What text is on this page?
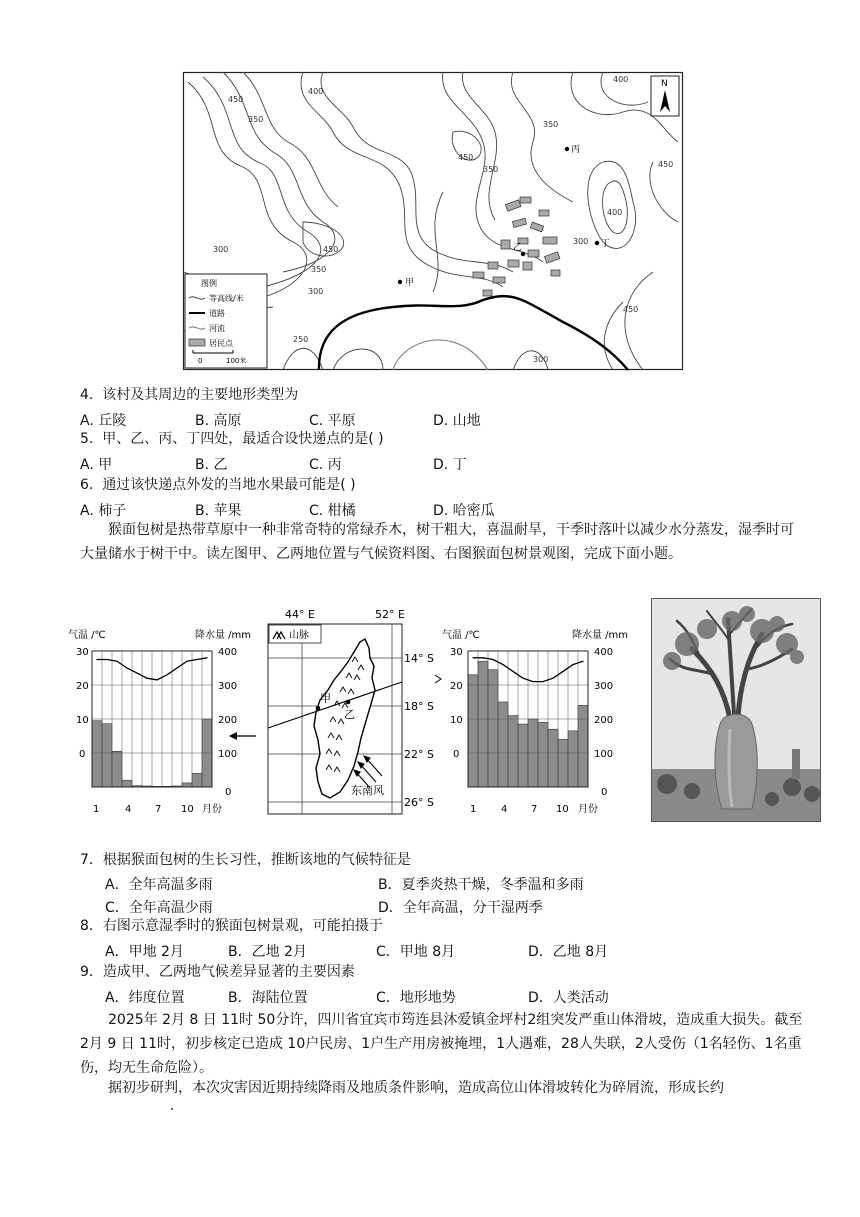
450
400
350
450
350
450
350
300
300
400
450
300
400
350
450
250
300
丙
丁
甲
乙
N
图例
等高线/米
道路
河流
居民点
0	100米
4. 该村及其周边的主要地形类型为
A. 丘陵	B. 高原	C. 平原	D. 山地
5. 甲、乙、丙、丁四处，最适合设快递点的是( )
A. 甲	B. 乙	C. 丙	D. 丁
6. 通过该快递点外发的当地水果最可能是( )
A. 柿子	B. 苹果	C. 柑橘	D. 哈密瓜
猴面包树是热带草原中一种非常奇特的常绿乔木，树干粗大，喜温耐旱，干季时落叶以减少水分蒸发，湿季时可大量储水于树干中。读左图甲、乙两地位置与气候资料图、右图猴面包树景观图，完成下面小题。
气温 /℃	降水量 /mm
30
20
10
0
400
300
200
100
0
1	4 7 10 月份
44° E	52° E
14° S
18° S
22° S
26° S
山脉
甲
乙
东南风
气温 /℃	降水量 /mm
30
20
10
0
400
300
200
100
0
1 4 7 10 月份
7．根据猴面包树的生长习性，推断该地的气候特征是
A．全年高温多雨	B．夏季炎热干燥，冬季温和多雨
C．全年高温少雨	D．全年高温，分干湿两季
8．右图示意湿季时的猴面包树景观，可能拍摄于
A．甲地 2月	B．乙地 2月	C．甲地 8月	D．乙地 8月
9．造成甲、乙两地气候差异显著的主要因素
A．纬度位置	B．海陆位置	C．地形地势	D．人类活动
2025年 2月 8 日 11时 50分许，四川省宜宾市筠连县沐爱镇金坪村2组突发严重山体滑坡，造成重大损失。截至 2月 9 日 11时，初步核定已造成 10户民房、1户生产用房被掩埋，1人遇难，28人失联，2人受伤（1名轻伤、1名重伤，均无生命危险）。
据初步研判，本次灾害因近期持续降雨及地质条件影响，造成高位山体滑坡转化为碎屑流，形成长约
